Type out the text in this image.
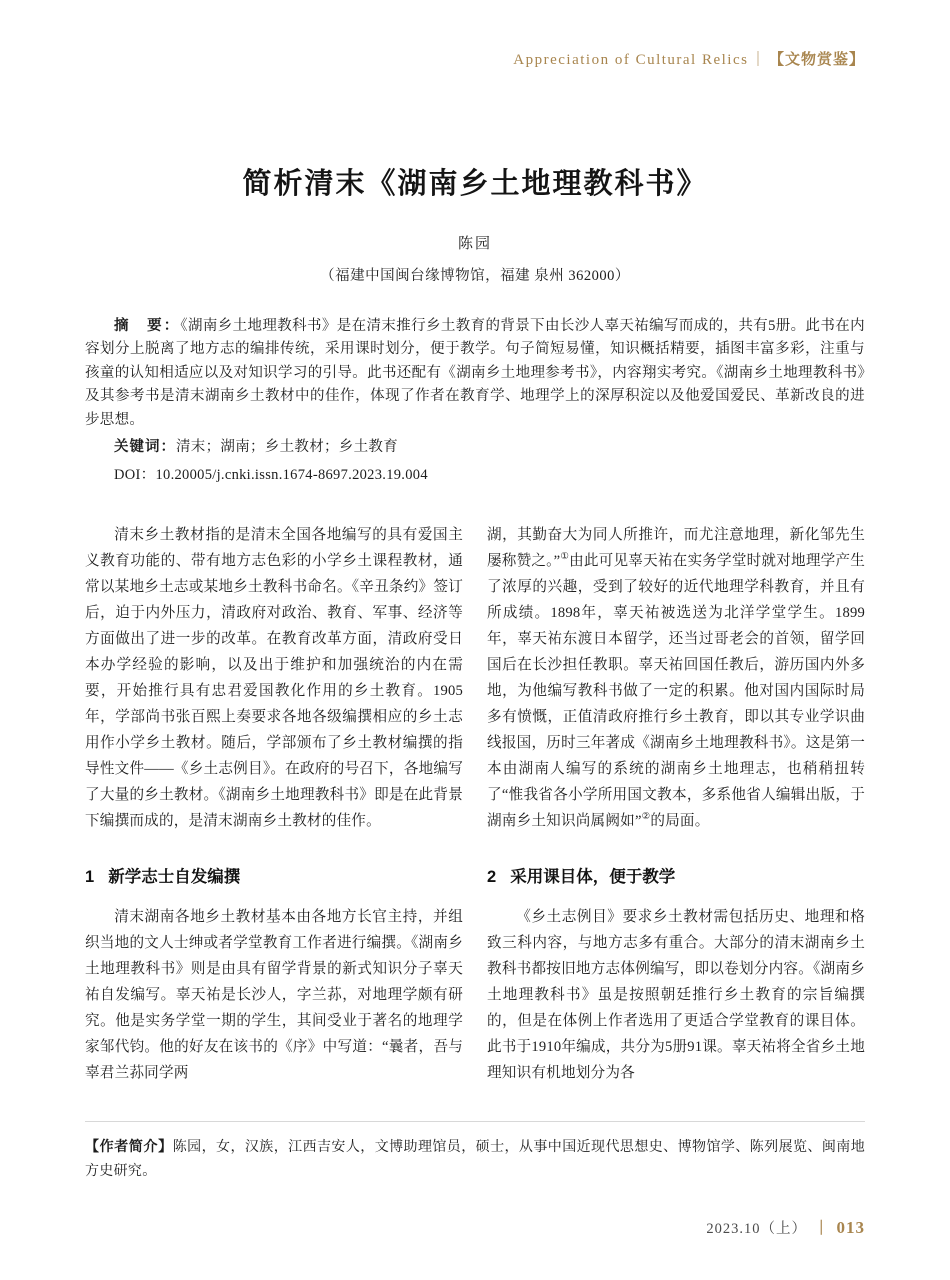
Appreciation of Cultural Relics ｜ 【文物赏鉴】
简析清末《湖南乡土地理教科书》
陈园
（福建中国闽台缘博物馆，福建 泉州 362000）

摘　要：《湖南乡土地理教科书》是在清末推行乡土教育的背景下由长沙人辜天祐编写而成的，共有5册。此书在内容划分上脱离了地方志的编排传统，采用课时划分，便于教学。句子简短易懂，知识概括精要，插图丰富多彩，注重与孩童的认知相适应以及对知识学习的引导。此书还配有《湖南乡土地理参考书》，内容翔实考究。《湖南乡土地理教科书》及其参考书是清末湖南乡土教材中的佳作，体现了作者在教育学、地理学上的深厚积淀以及他爱国爱民、革新改良的进步思想。

关键词：清末；湖南；乡土教材；乡土教育

DOI：10.20005/j.cnki.issn.1674-8697.2023.19.004

清末乡土教材指的是清末全国各地编写的具有爱国主义教育功能的、带有地方志色彩的小学乡土课程教材，通常以某地乡土志或某地乡土教科书命名。《辛丑条约》签订后，迫于内外压力，清政府对政治、教育、军事、经济等方面做出了进一步的改革。在教育改革方面，清政府受日本办学经验的影响，以及出于维护和加强统治的内在需要，开始推行具有忠君爱国教化作用的乡土教育。1905年，学部尚书张百熙上奏要求各地各级编撰相应的乡土志用作小学乡土教材。随后，学部颁布了乡土教材编撰的指导性文件——《乡土志例目》。在政府的号召下，各地编写了大量的乡土教材。《湖南乡土地理教科书》即是在此背景下编撰而成的，是清末湖南乡土教材的佳作。

1 新学志士自发编撰

清末湖南各地乡土教材基本由各地方长官主持，并组织当地的文人士绅或者学堂教育工作者进行编撰。《湖南乡土地理教科书》则是由具有留学背景的新式知识分子辜天祐自发编写。辜天祐是长沙人，字兰荪，对地理学颇有研究。他是实务学堂一期的学生，其间受业于著名的地理学家邹代钧。他的好友在该书的《序》中写道：“曩者，吾与辜君兰荪同学两

湖，其勤奋大为同人所推许，而尤注意地理，新化邹先生屡称赞之。”①由此可见辜天祐在实务学堂时就对地理学产生了浓厚的兴趣，受到了较好的近代地理学科教育，并且有所成绩。1898年，辜天祐被选送为北洋学堂学生。1899年，辜天祐东渡日本留学，还当过哥老会的首领，留学回国后在长沙担任教职。辜天祐回国任教后，游历国内外多地，为他编写教科书做了一定的积累。他对国内国际时局多有愤慨，正值清政府推行乡土教育，即以其专业学识曲线报国，历时三年著成《湖南乡土地理教科书》。这是第一本由湖南人编写的系统的湖南乡土地理志，也稍稍扭转了“惟我省各小学所用国文教本，多系他省人编辑出版，于湖南乡土知识尚属阙如”②的局面。

2 采用课目体，便于教学

《乡土志例目》要求乡土教材需包括历史、地理和格致三科内容，与地方志多有重合。大部分的清末湖南乡土教科书都按旧地方志体例编写，即以卷划分内容。《湖南乡土地理教科书》虽是按照朝廷推行乡土教育的宗旨编撰的，但是在体例上作者选用了更适合学堂教育的课目体。此书于1910年编成，共分为5册91课。辜天祐将全省乡土地理知识有机地划分为各

【作者简介】陈园，女，汉族，江西吉安人，文博助理馆员，硕士，从事中国近现代思想史、博物馆学、陈列展览、闽南地方史研究。

2023.10（上） ｜ 013
